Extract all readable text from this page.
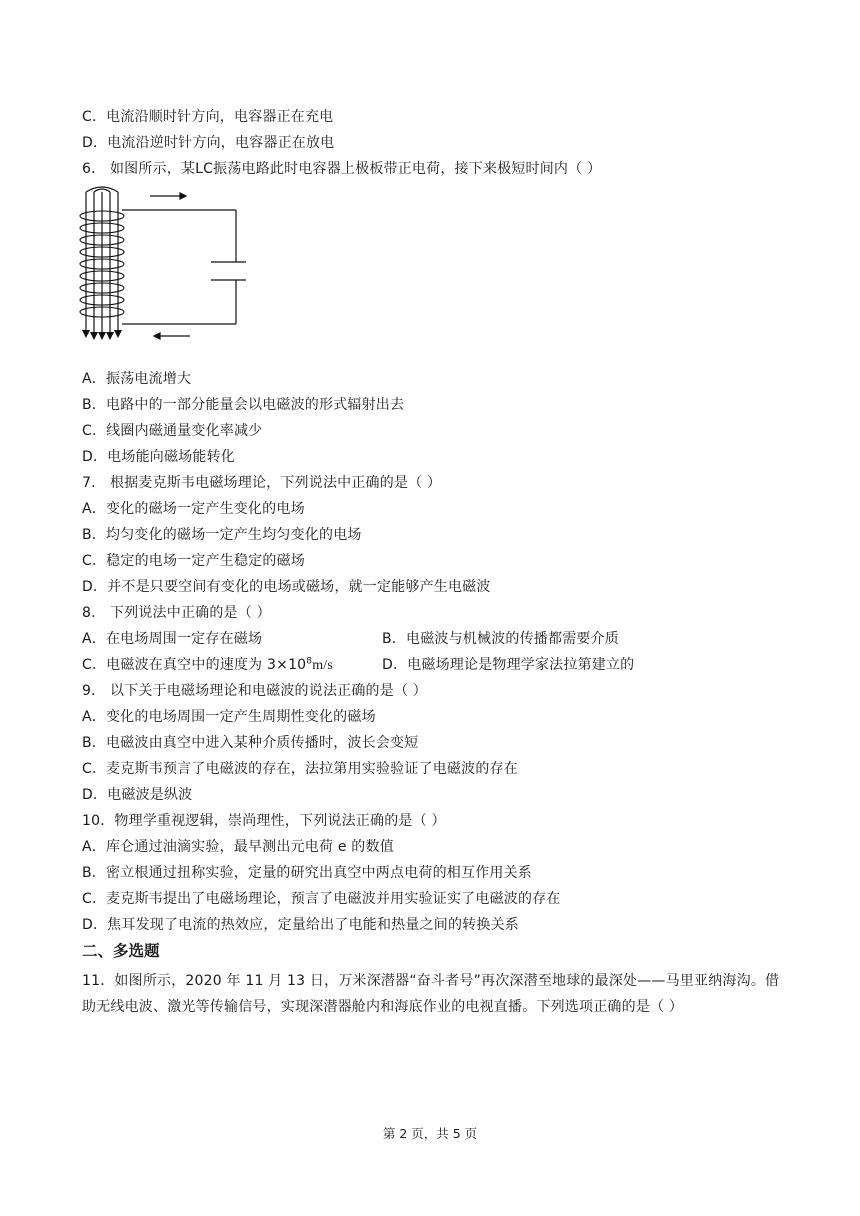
C．电流沿顺时针方向，电容器正在充电
D．电流沿逆时针方向，电容器正在放电
6． 如图所示，某LC振荡电路此时电容器上极板带正电荷，接下来极短时间内（ ）
A．振荡电流增大
B．电路中的一部分能量会以电磁波的形式辐射出去
C．线圈内磁通量变化率减少
D．电场能向磁场能转化
7． 根据麦克斯韦电磁场理论，下列说法中正确的是（ ）
A．变化的磁场一定产生变化的电场
B．均匀变化的磁场一定产生均匀变化的电场
C．稳定的电场一定产生稳定的磁场
D．并不是只要空间有变化的电场或磁场，就一定能够产生电磁波
8． 下列说法中正确的是（ ）
A．在电场周围一定存在磁场	B．电磁波与机械波的传播都需要介质
C．电磁波在真空中的速度为 $3\times 10^8m/s$	D．电磁场理论是物理学家法拉第建立的
9． 以下关于电磁场理论和电磁波的说法正确的是（ ）
A．变化的电场周围一定产生周期性变化的磁场
B．电磁波由真空中进入某种介质传播时，波长会变短
C．麦克斯韦预言了电磁波的存在，法拉第用实验验证了电磁波的存在
D．电磁波是纵波
10．物理学重视逻辑，崇尚理性，下列说法正确的是（ ）
A．库仑通过油滴实验，最早测出元电荷 e 的数值
B．密立根通过扭称实验，定量的研究出真空中两点电荷的相互作用关系
C．麦克斯韦提出了电磁场理论，预言了电磁波并用实验证实了电磁波的存在
D．焦耳发现了电流的热效应，定量给出了电能和热量之间的转换关系
二、多选题
11．如图所示，2020 年 11 月 13 日，万米深潜器“奋斗者号”再次深潜至地球的最深处——马里亚纳海沟。借
助无线电波、激光等传输信号，实现深潜器舱内和海底作业的电视直播。下列选项正确的是（ ）
第 2 页，共 5 页
